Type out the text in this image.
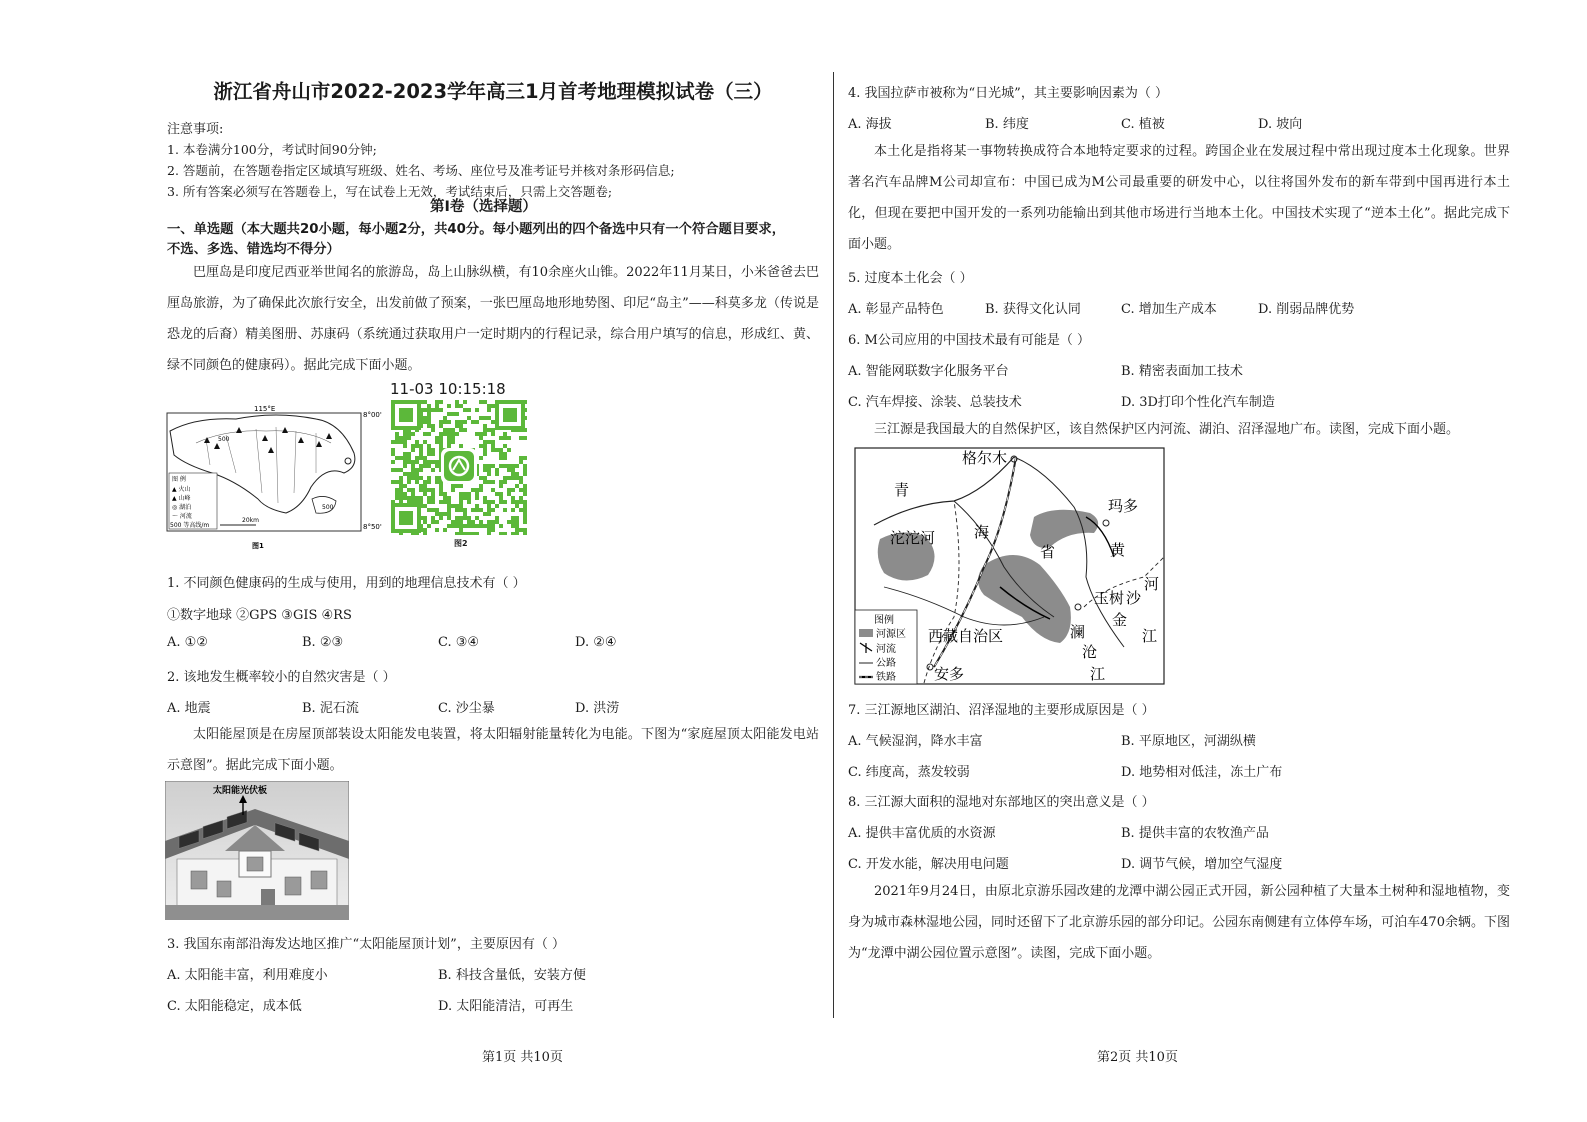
浙江省舟山市2022-2023学年高三1月首考地理模拟试卷（三）
注意事项:
1. 本卷满分100分，考试时间90分钟;
2. 答题前，在答题卷指定区域填写班级、姓名、考场、座位号及准考证号并核对条形码信息;
3. 所有答案必须写在答题卷上，写在试卷上无效，考试结束后，只需上交答题卷;
第Ⅰ卷（选择题）
一、单选题（本大题共20小题，每小题2分，共40分。每小题列出的四个备选中只有一个符合题目要求，
不选、多选、错选均不得分）
巴厘岛是印度尼西亚举世闻名的旅游岛，岛上山脉纵横，有10余座火山锥。2022年11月某日，小米爸爸去巴厘岛旅游，为了确保此次旅行安全，出发前做了预案，一张巴厘岛地形地势图、印尼“岛主”——科莫多龙（传说是恐龙的后裔）精美图册、苏康码（系统通过获取用户一定时期内的行程记录，综合用户填写的信息，形成红、黄、绿不同颜色的健康码）。据此完成下面小题。
115°E
8°00'
8°50'
500
500
图 例
▲ 火山
▲ 山峰
◎ 湖泊
〜 河流
500 等高线/m
20km
图1
11-03 10:15:18
图2
1. 不同颜色健康码的生成与使用，用到的地理信息技术有（ ）
①数字地球 ②GPS ③GIS ④RS
A. ①②	B. ②③	C. ③④	D. ②④
2. 该地发生概率较小的自然灾害是（ ）
A. 地震	B. 泥石流	C. 沙尘暴	D. 洪涝
太阳能屋顶是在房屋顶部装设太阳能发电装置，将太阳辐射能量转化为电能。下图为“家庭屋顶太阳能发电站示意图”。据此完成下面小题。
太阳能光伏板
3. 我国东南部沿海发达地区推广“太阳能屋顶计划”，主要原因有（ ）
A. 太阳能丰富，利用难度小	B. 科技含量低，安装方便
C. 太阳能稳定，成本低	D. 太阳能清洁，可再生
4. 我国拉萨市被称为“日光城”，其主要影响因素为（ ）
A. 海拔	B. 纬度	C. 植被	D. 坡向
本土化是指将某一事物转换成符合本地特定要求的过程。跨国企业在发展过程中常出现过度本土化现象。世界著名汽车品牌M公司却宣布：中国已成为M公司最重要的研发中心，以往将国外发布的新车带到中国再进行本土化，但现在要把中国开发的一系列功能输出到其他市场进行当地本土化。中国技术实现了“逆本土化”。据此完成下面小题。
5. 过度本土化会（ ）
A. 彰显产品特色	B. 获得文化认同	C. 增加生产成本	D. 削弱品牌优势
6. M公司应用的中国技术最有可能是（ ）
A. 智能网联数字化服务平台	B. 精密表面加工技术
C. 汽车焊接、涂装、总装技术	D. 3D打印个性化汽车制造
三江源是我国最大的自然保护区，该自然保护区内河流、湖泊、沼泽湿地广布。读图，完成下面小题。
格尔木
玛多
沱沱河
玉树
安多
西藏自治区
青
海
省	黄
河
金
沙
江
澜
沧
江
图例
河源区
河流
公路
铁路
7. 三江源地区湖泊、沼泽湿地的主要形成原因是（ ）
A. 气候湿润，降水丰富	B. 平原地区，河湖纵横
C. 纬度高，蒸发较弱	D. 地势相对低洼，冻土广布
8. 三江源大面积的湿地对东部地区的突出意义是（ ）
A. 提供丰富优质的水资源	B. 提供丰富的农牧渔产品
C. 开发水能，解决用电问题	D. 调节气候，增加空气湿度
2021年9月24日，由原北京游乐园改建的龙潭中湖公园正式开园，新公园种植了大量本土树种和湿地植物，变身为城市森林湿地公园，同时还留下了北京游乐园的部分印记。公园东南侧建有立体停车场，可泊车470余辆。下图为“龙潭中湖公园位置示意图”。读图，完成下面小题。
第1页 共10页	第2页 共10页
